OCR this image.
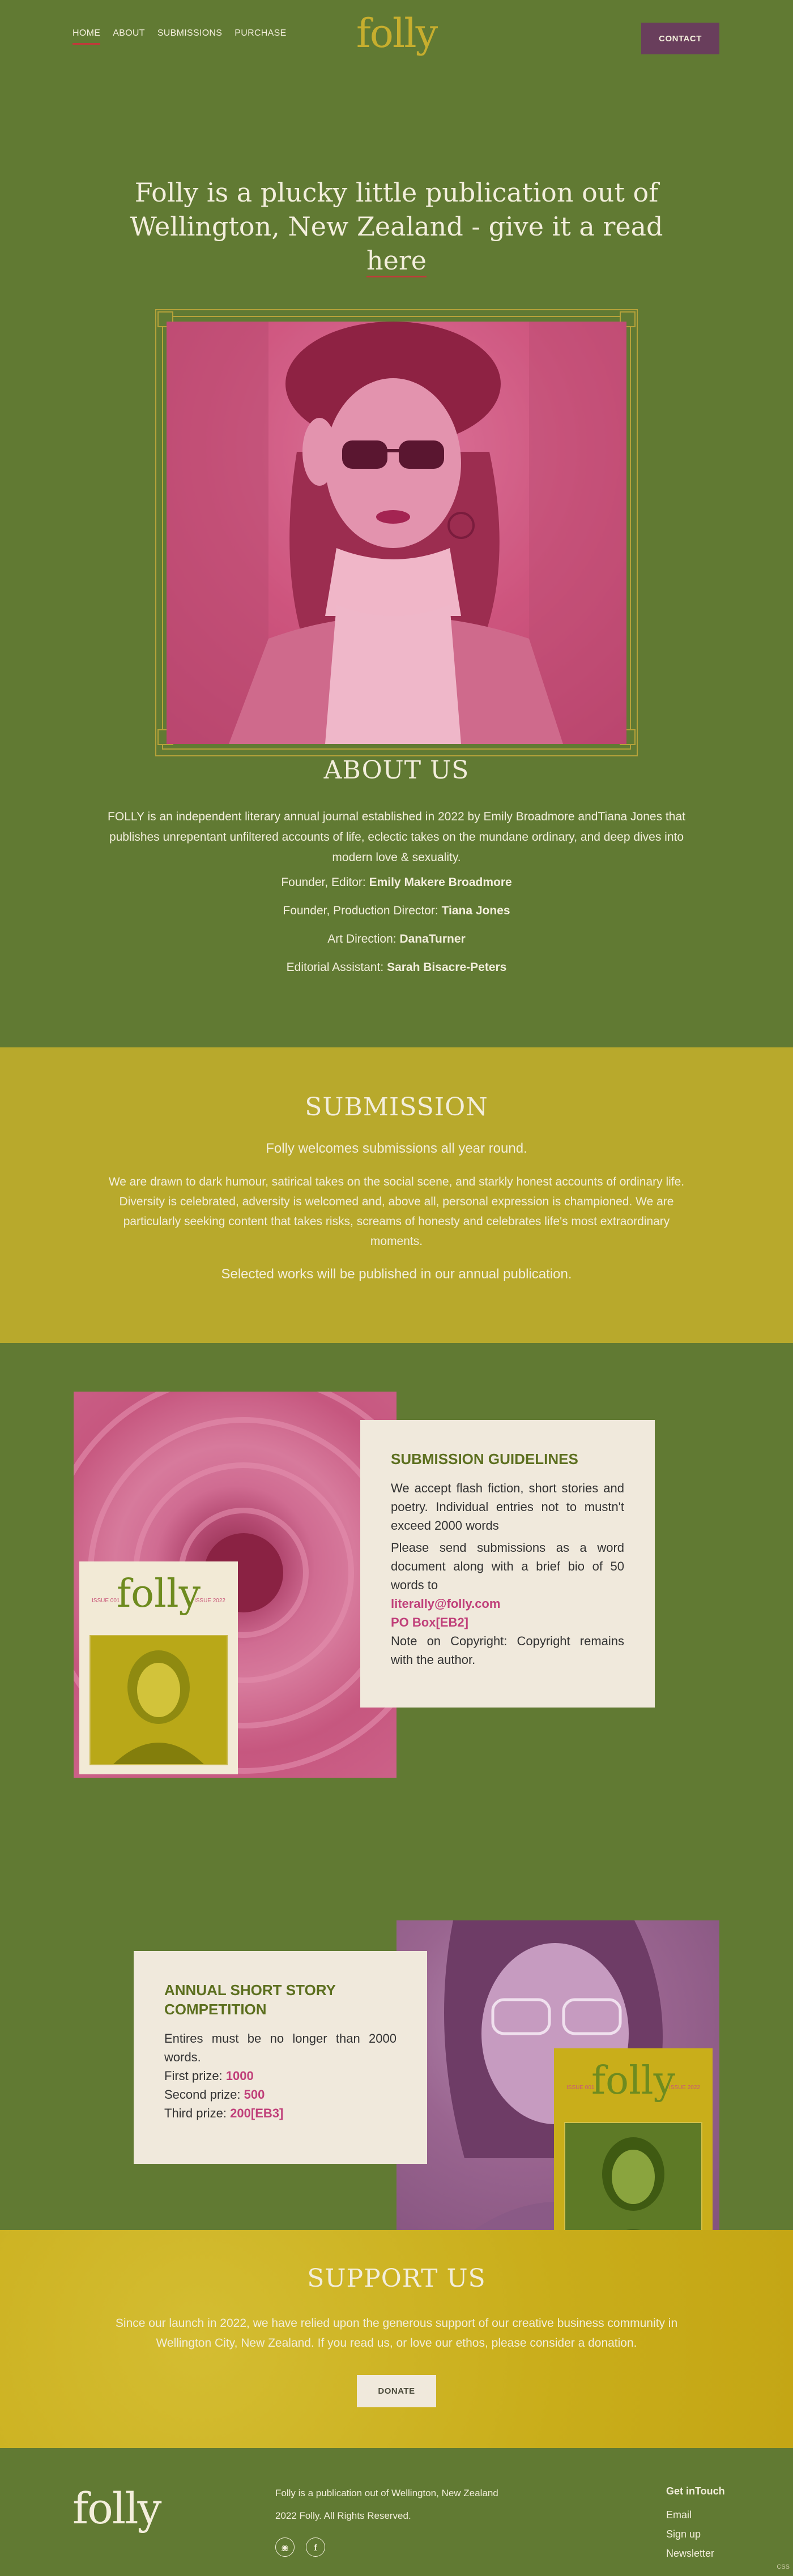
HOME ABOUT SUBMISSIONS PURCHASE folly	CONTACT
Folly is a plucky little publication out of Wellington, New Zealand - give it a read here
ABOUT US

FOLLY is an independent literary annual journal established in 2022 by Emily Broadmore andTiana Jones that publishes unrepentant unfiltered accounts of life, eclectic takes on the mundane ordinary, and deep dives into modern love & sexuality.

Founder, Editor: Emily Makere Broadmore

Founder, Production Director: Tiana Jones

Art Direction: DanaTurner

Editorial Assistant: Sarah Bisacre-Peters

SUBMISSION

Folly welcomes submissions all year round.

We are drawn to dark humour, satirical takes on the social scene, and starkly honest accounts of ordinary life. Diversity is celebrated, adversity is welcomed and, above all, personal expression is championed. We are particularly seeking content that takes risks, screams of honesty and celebrates life's most extraordinary moments.

Selected works will be published in our annual publication.

ISSUE 001	ISSUE 2022
folly
SUBMISSION GUIDELINES

We accept flash fiction, short stories and poetry. Individual entries not to mustn't exceed 2000 words

Please send submissions as a word document along with a brief bio of 50 words to

literally@folly.com

PO Box[EB2]

Note on Copyright: Copyright remains with the author.

ISSUE 001	ISSUE 2022
folly
ANNUAL SHORT STORY COMPETITION

Entires must be no longer than 2000 words.

First prize: 1000

Second prize: 500

Third prize: 200[EB3]

SUPPORT US

Since our launch in 2022, we have relied upon the generous support of our creative business community in Wellington City, New Zealand. If you read us, or love our ethos, please consider a donation.

DONATE
folly	Folly is a publication out of Wellington, New Zealand

2022 Folly. All Rights Reserved.

◉	f

Get inTouch

Email
Sign up
Newsletter
CSS
